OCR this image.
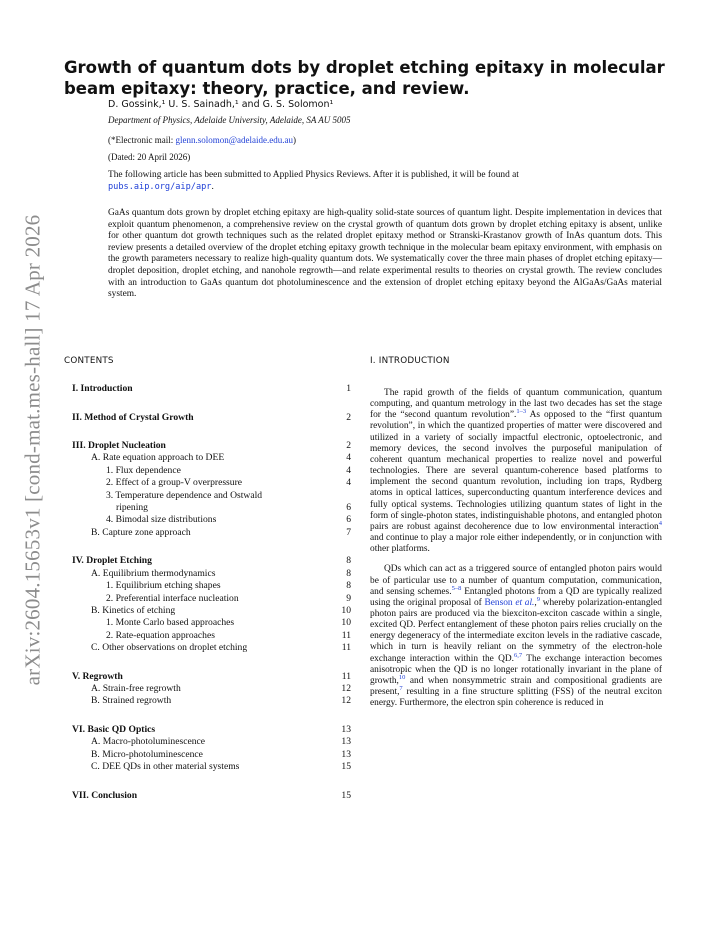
arXiv:2604.15653v1 [cond-mat.mes-hall] 17 Apr 2026
Growth of quantum dots by droplet etching epitaxy in molecular beam epitaxy: theory, practice, and review.
D. Gossink,¹ U. S. Sainadh,¹ and G. S. Solomon¹
Department of Physics, Adelaide University, Adelaide, SA AU 5005
(*Electronic mail: glenn.solomon@adelaide.edu.au)
(Dated: 20 April 2026)
The following article has been submitted to Applied Physics Reviews. After it is published, it will be found at
pubs.aip.org/aip/apr.
GaAs quantum dots grown by droplet etching epitaxy are high-quality solid-state sources of quantum light. Despite implementation in devices that exploit quantum phenomenon, a comprehensive review on the crystal growth of quantum dots grown by droplet etching epitaxy is absent, unlike for other quantum dot growth techniques such as the related droplet epitaxy method or Stranski-Krastanov growth of InAs quantum dots. This review presents a detailed overview of the droplet etching epitaxy growth technique in the molecular beam epitaxy environment, with emphasis on the growth parameters necessary to realize high-quality quantum dots. We systematically cover the three main phases of droplet etching epitaxy—droplet deposition, droplet etching, and nanohole regrowth—and relate experimental results to theories on crystal growth. The review concludes with an introduction to GaAs quantum dot photoluminescence and the extension of droplet etching epitaxy beyond the AlGaAs/GaAs material system.
CONTENTS	I. INTRODUCTION
I. Introduction	1
II. Method of Crystal Growth	2
III. Droplet Nucleation	2
A. Rate equation approach to DEE	4
1. Flux dependence	4
2. Effect of a group-V overpressure	4
3. Temperature dependence and Ostwald
ripening	6
4. Bimodal size distributions	6
B. Capture zone approach	7
IV. Droplet Etching	8
A. Equilibrium thermodynamics	8
1. Equilibrium etching shapes	8
2. Preferential interface nucleation	9
B. Kinetics of etching	10
1. Monte Carlo based approaches	10
2. Rate-equation approaches	11
C. Other observations on droplet etching	11
V. Regrowth	11
A. Strain-free regrowth	12
B. Strained regrowth	12
VI. Basic QD Optics	13
A. Macro-photoluminescence	13
B. Micro-photoluminescence	13
C. DEE QDs in other material systems	15
VII. Conclusion	15

The rapid growth of the fields of quantum communication, quantum computing, and quantum metrology in the last two decades has set the stage for the “second quantum revolution”.$^{1-3}$ As opposed to the “first quantum revolution”, in which the quantized properties of matter were discovered and utilized in a variety of socially impactful electronic, optoelectronic, and memory devices, the second involves the purposeful manipulation of coherent quantum mechanical properties to realize novel and powerful technologies. There are several quantum-coherence based platforms to implement the second quantum revolution, including ion traps, Rydberg atoms in optical lattices, superconducting quantum interference devices and fully optical systems. Technologies utilizing quantum states of light in the form of single-photon states, indistinguishable photons, and entangled photon pairs are robust against decoherence due to low environmental interaction$^4$ and continue to play a major role either independently, or in conjunction with other platforms.

QDs which can act as a triggered source of entangled photon pairs would be of particular use to a number of quantum computation, communication, and sensing schemes.$^{5-8}$ Entangled photons from a QD are typically realized using the original proposal of Benson et al.,$^9$ whereby polarization-entangled photon pairs are produced via the biexciton-exciton cascade within a single, excited QD. Perfect entanglement of these photon pairs relies crucially on the energy degeneracy of the intermediate exciton levels in the radiative cascade, which in turn is heavily reliant on the symmetry of the electron-hole exchange interaction within the QD.$^{6,7}$ The exchange interaction becomes anisotropic when the QD is no longer rotationally invariant in the plane of growth,$^{10}$ and when nonsymmetric strain and compositional gradients are present,$^7$ resulting in a fine structure splitting (FSS) of the neutral exciton energy. Furthermore, the electron spin coherence is reduced in
